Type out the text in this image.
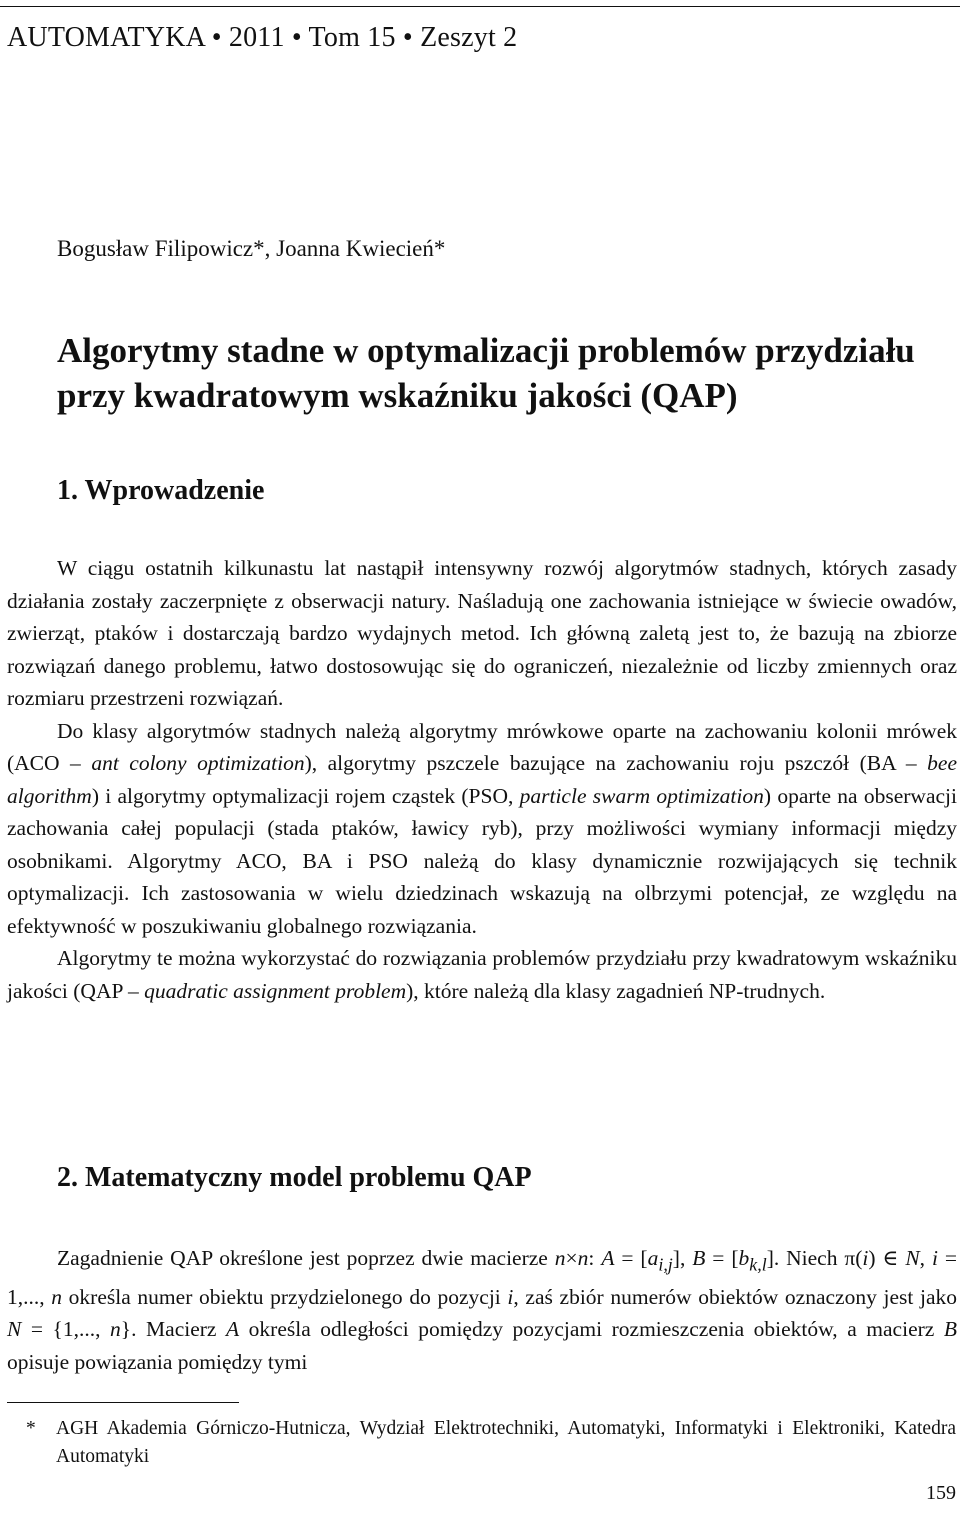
AUTOMATYKA • 2011 • Tom 15 • Zeszyt 2
Bogusław Filipowicz*, Joanna Kwiecień*
Algorytmy stadne w optymalizacji problemów przydziału
przy kwadratowym wskaźniku jakości (QAP)
1. Wprowadzenie

W ciągu ostatnih kilkunastu lat nastąpił intensywny rozwój algorytmów stadnych, których zasady działania zostały zaczerpnięte z obserwacji natury. Naśladują one zachowania istniejące w świecie owadów, zwierząt, ptaków i dostarczają bardzo wydajnych metod. Ich główną zaletą jest to, że bazują na zbiorze rozwiązań danego problemu, łatwo dostosowując się do ograniczeń, niezależnie od liczby zmiennych oraz rozmiaru przestrzeni rozwiązań.

Do klasy algorytmów stadnych należą algorytmy mrówkowe oparte na zachowaniu kolonii mrówek (ACO – ant colony optimization), algorytmy pszczele bazujące na zachowaniu roju pszczół (BA – bee algorithm) i algorytmy optymalizacji rojem cząstek (PSO, particle swarm optimization) oparte na obserwacji zachowania całej populacji (stada ptaków, ławicy ryb), przy możliwości wymiany informacji między osobnikami. Algorytmy ACO, BA i PSO należą do klasy dynamicznie rozwijających się technik optymalizacji. Ich zastosowania w wielu dziedzinach wskazują na olbrzymi potencjał, ze względu na efektywność w poszukiwaniu globalnego rozwiązania.

Algorytmy te można wykorzystać do rozwiązania problemów przydziału przy kwadratowym wskaźniku jakości (QAP – quadratic assignment problem), które należą dla klasy zagadnień NP-trudnych.

2. Matematyczny model problemu QAP

Zagadnienie QAP określone jest poprzez dwie macierze n×n: $A = [a_{i,j}]$, $B = [b_{k,l}]$. Niech π(i) ∈ N, i = 1,..., n określa numer obiektu przydzielonego do pozycji i, zaś zbiór numerów obiektów oznaczony jest jako N = {1,..., n}. Macierz A określa odległości pomiędzy pozycjami rozmieszczenia obiektów, a macierz B opisuje powiązania pomiędzy tymi

*	AGH Akademia Górniczo-Hutnicza, Wydział Elektrotechniki, Automatyki, Informatyki i Elektroniki, Katedra Automatyki
159
